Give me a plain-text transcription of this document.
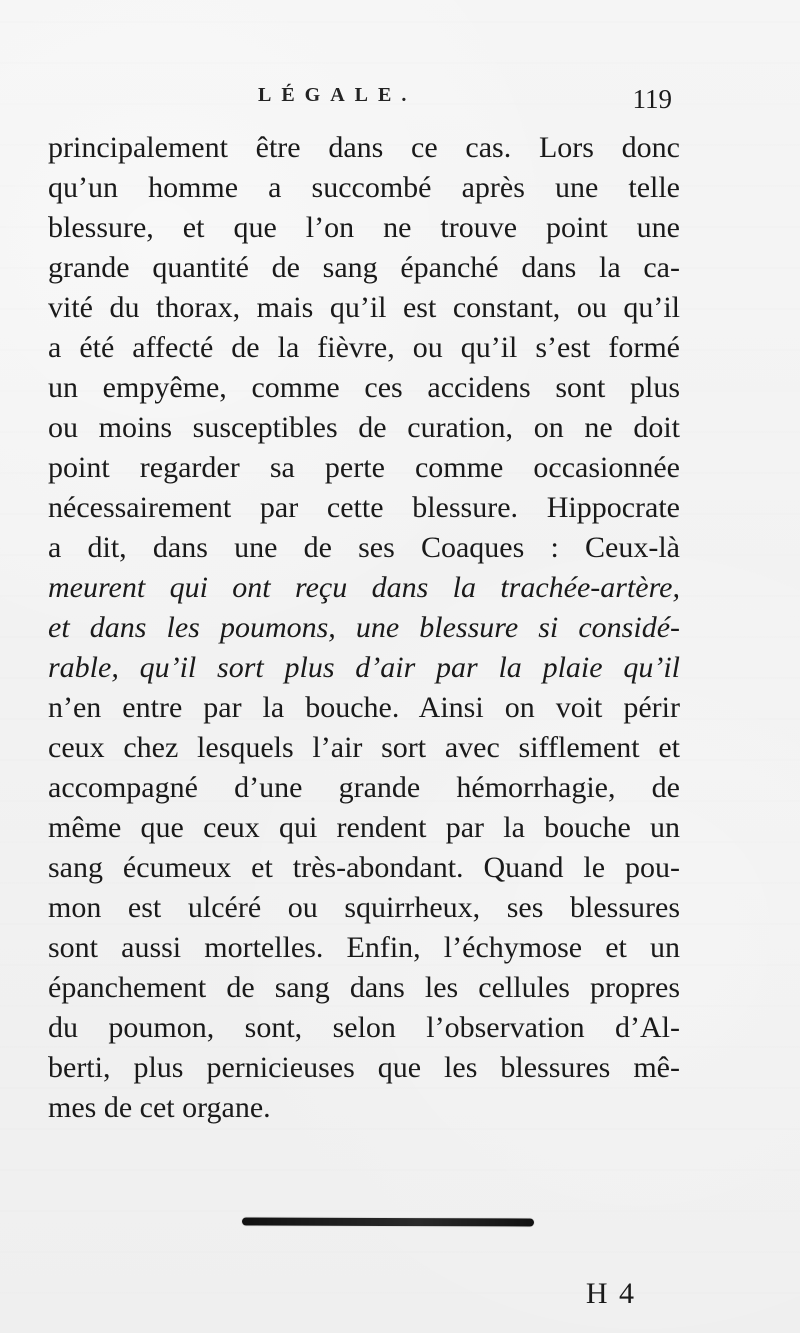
LÉGALE.	119
principalement être dans ce cas. Lors donc
qu’un homme a succombé après une telle
blessure, et que l’on ne trouve point une
grande quantité de sang épanché dans la ca-
vité du thorax, mais qu’il est constant, ou qu’il
a été affecté de la fièvre, ou qu’il s’est formé
un empyême, comme ces accidens sont plus
ou moins susceptibles de curation, on ne doit
point regarder sa perte comme occasionnée
nécessairement par cette blessure. Hippocrate
a dit, dans une de ses Coaques : Ceux-là
meurent qui ont reçu dans la trachée-artère,
et dans les poumons, une blessure si considé-
rable, qu’il sort plus d’air par la plaie qu’il
n’en entre par la bouche. Ainsi on voit périr
ceux chez lesquels l’air sort avec sifflement et
accompagné d’une grande hémorrhagie, de
même que ceux qui rendent par la bouche un
sang écumeux et très-abondant. Quand le pou-
mon est ulcéré ou squirrheux, ses blessures
sont aussi mortelles. Enfin, l’échymose et un
épanchement de sang dans les cellules propres
du poumon, sont, selon l’observation d’Al-
berti, plus pernicieuses que les blessures mê-
mes de cet organe.
H 4
